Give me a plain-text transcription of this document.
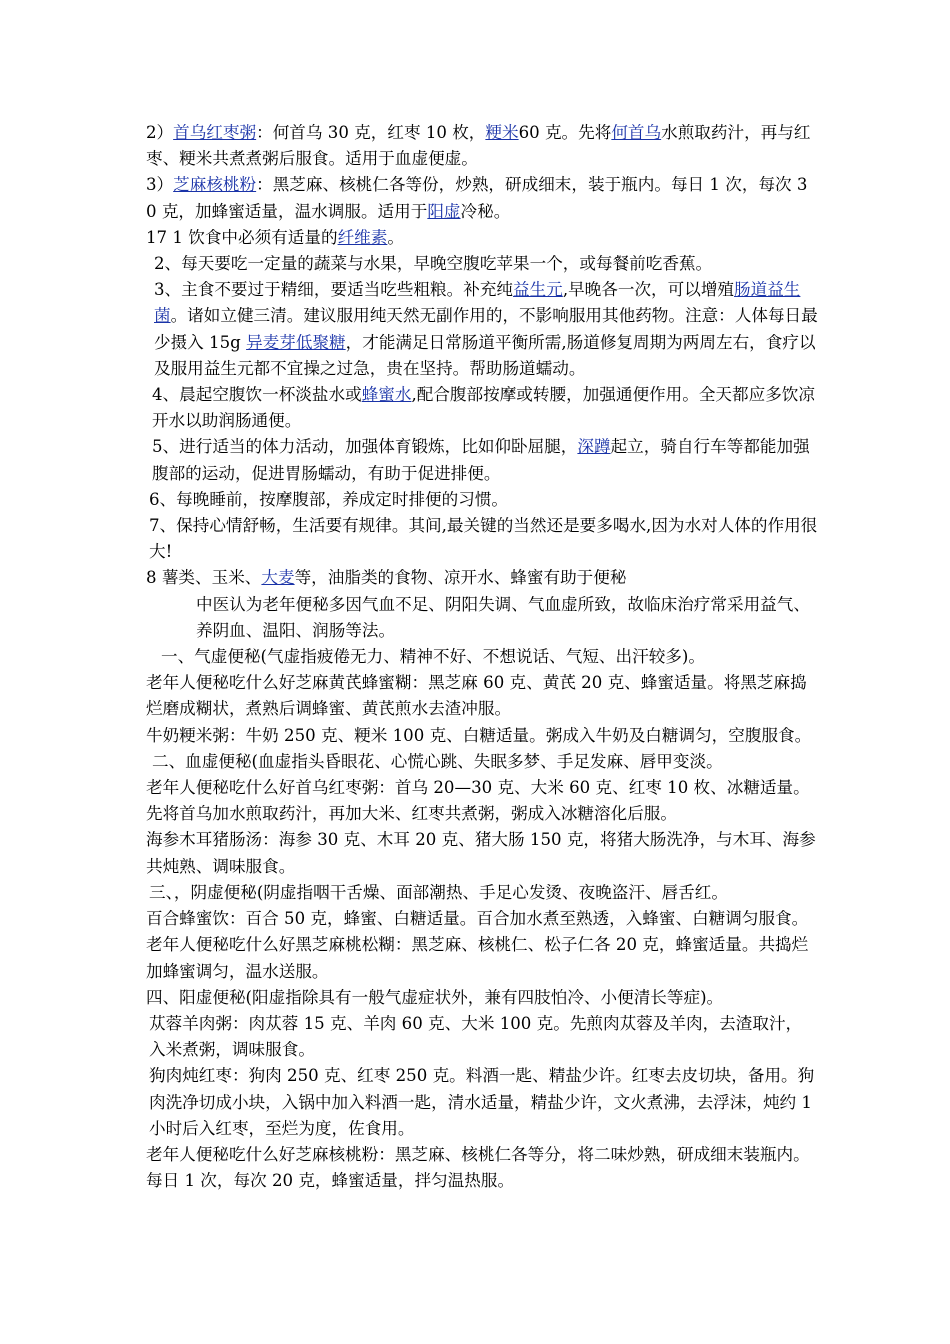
2）首乌红枣粥：何首乌 30 克，红枣 10 枚，粳米60 克。先将何首乌水煎取药汁，再与红枣、粳米共煮煮粥后服食。适用于血虚便虚。

3）芝麻核桃粉：黑芝麻、核桃仁各等份，炒熟，研成细末，装于瓶内。每日 1 次，每次 30 克，加蜂蜜适量，温水调服。适用于阳虚冷秘。

17 1 饮食中必须有适量的纤维素。

2、每天要吃一定量的蔬菜与水果，早晚空腹吃苹果一个，或每餐前吃香蕉。

3、主食不要过于精细，要适当吃些粗粮。补充纯益生元,早晚各一次，可以增殖肠道益生菌。诸如立健三清。建议服用纯天然无副作用的，不影响服用其他药物。注意：人体每日最少摄入 15g 异麦芽低聚糖，才能满足日常肠道平衡所需,肠道修复周期为两周左右，食疗以及服用益生元都不宜操之过急，贵在坚持。帮助肠道蠕动。

4、晨起空腹饮一杯淡盐水或蜂蜜水,配合腹部按摩或转腰，加强通便作用。全天都应多饮凉开水以助润肠通便。

5、进行适当的体力活动，加强体育锻炼，比如仰卧屈腿，深蹲起立，骑自行车等都能加强腹部的运动，促进胃肠蠕动，有助于促进排便。

6、每晚睡前，按摩腹部，养成定时排便的习惯。

7、保持心情舒畅，生活要有规律。其间,最关键的当然还是要多喝水,因为水对人体的作用很大!

8 薯类、玉米、大麦等，油脂类的食物、凉开水、蜂蜜有助于便秘

中医认为老年便秘多因气血不足、阴阳失调、气血虚所致，故临床治疗常采用益气、养阴血、温阳、润肠等法。

一、气虚便秘(气虚指疲倦无力、精神不好、不想说话、气短、出汗较多)。

老年人便秘吃什么好芝麻黄芪蜂蜜糊：黑芝麻 60 克、黄芪 20 克、蜂蜜适量。将黑芝麻捣烂磨成糊状，煮熟后调蜂蜜、黄芪煎水去渣冲服。

牛奶粳米粥：牛奶 250 克、粳米 100 克、白糖适量。粥成入牛奶及白糖调匀，空腹服食。

二、血虚便秘(血虚指头昏眼花、心慌心跳、失眠多梦、手足发麻、唇甲变淡。

老年人便秘吃什么好首乌红枣粥：首乌 20—30 克、大米 60 克、红枣 10 枚、冰糖适量。先将首乌加水煎取药汁，再加大米、红枣共煮粥，粥成入冰糖溶化后服。

海参木耳猪肠汤：海参 30 克、木耳 20 克、猪大肠 150 克，将猪大肠洗净，与木耳、海参共炖熟、调味服食。

三、，阴虚便秘(阴虚指咽干舌燥、面部潮热、手足心发烫、夜晚盗汗、唇舌红。

百合蜂蜜饮：百合 50 克，蜂蜜、白糖适量。百合加水煮至熟透，入蜂蜜、白糖调匀服食。

老年人便秘吃什么好黑芝麻桃松糊：黑芝麻、核桃仁、松子仁各 20 克，蜂蜜适量。共捣烂加蜂蜜调匀，温水送服。

四、阳虚便秘(阳虚指除具有一般气虚症状外，兼有四肢怕冷、小便清长等症)。

苁蓉羊肉粥：肉苁蓉 15 克、羊肉 60 克、大米 100 克。先煎肉苁蓉及羊肉，去渣取汁，入米煮粥，调味服食。

狗肉炖红枣：狗肉 250 克、红枣 250 克。料酒一匙、精盐少许。红枣去皮切块，备用。狗肉洗净切成小块，入锅中加入料酒一匙，清水适量，精盐少许，文火煮沸，去浮沫，炖约 1 小时后入红枣，至烂为度，佐食用。

老年人便秘吃什么好芝麻核桃粉：黑芝麻、核桃仁各等分，将二味炒熟，研成细末装瓶内。每日 1 次，每次 20 克，蜂蜜适量，拌匀温热服。
